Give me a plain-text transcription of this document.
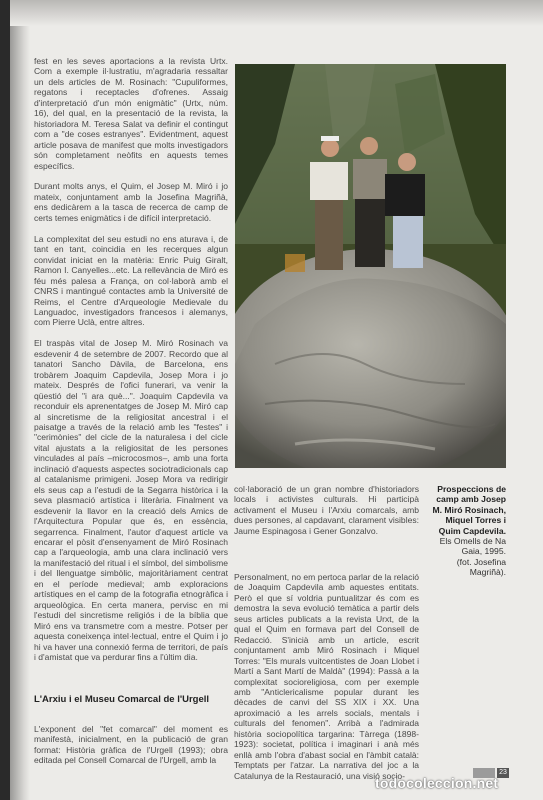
fest en les seves aportacions a la revista Urtx. Com a exemple il·lustratiu, m'agradaria ressaltar un dels articles de M. Rosinach: "Cupuliformes, regatons i receptacles d'ofrenes. Assaig d'interpretació d'un món enigmàtic" (Urtx, núm. 16), del qual, en la presentació de la revista, la historiadora M. Teresa Salat va definir el contingut com a "de coses estranyes". Evidentment, aquest article posava de manifest que molts investigadors són completament neòfits en aquests temes específics.

Durant molts anys, el Quim, el Josep M. Miró i jo mateix, conjuntament amb la Josefina Magriñà, ens dedicàrem a la tasca de recerca de camp de certs temes enigmàtics i de difícil interpretació.

La complexitat del seu estudi no ens aturava i, de tant en tant, coincidia en les recerques algun convidat iniciat en la matèria: Enric Puig Giralt, Ramon I. Canyelles...etc. La rellevància de Miró es féu més palesa a França, on col·laborà amb el CNRS i mantingué contactes amb la Université de Reims, el Centre d'Arqueologie Medievale du Languadoc, investigadors francesos i alemanys, com Pierre Uclà, entre altres.

El traspàs vital de Josep M. Miró Rosinach va esdevenir 4 de setembre de 2007. Recordo que al tanatori Sancho Dàvila, de Barcelona, ens trobàrem Joaquim Capdevila, Josep Mora i jo mateix. Després de l'ofici funerari, va venir la qüestió del "i ara què...". Joaquim Capdevila va reconduir els aprenentatges de Josep M. Miró cap al sincretisme de la religiositat ancestral i el paisatge a través de la relació amb les "festes" i "cerimònies" del cicle de la naturalesa i del cicle vital ajustats a la religiositat de les persones vinculades al país –microcosmos–, amb una forta inclinació d'aquests aspectes sociotradicionals cap al catalanisme primigeni. Josep Mora va redirigir els seus cap a l'estudi de la Segarra històrica i la seva plasmació artística i literària. Finalment va esdevenir la llavor en la creació dels Amics de l'Arquitectura Popular que és, en essència, segarrenca. Finalment, l'autor d'aquest article va encarar el pòsit d'ensenyament de Miró Rosinach cap a l'arqueologia, amb una clara inclinació vers la manifestació del ritual i el símbol, del simbolisme i del llenguatge simbòlic, majoritàriament centrat en el període medieval; amb exploracions artístiques en el camp de la fotografia etnogràfica i arqueològica. En certa manera, pervisc en mi l'estudi del sincretisme religiós i de la bíblia que Miró ens va transmetre com a mestre. Potser per aquesta coneixença intel·lectual, entre el Quim i jo hi va haver una connexió ferma de territori, de país i d'amistat que va perdurar fins a l'últim dia.

L'Arxiu i el Museu Comarcal de l'Urgell

L'exponent del "fet comarcal" del moment es manifestà, inicialment, en la publicació de gran format: Història gràfica de l'Urgell (1993); obra editada pel Consell Comarcal de l'Urgell, amb la

Prospeccions de camp amb Josep M. Miró Rosinach, Miquel Torres i Quim Capdevila.
Els Omells de Na Gaia, 1995.
(fot. Josefina Magriñà).

col·laboració de un gran nombre d'historiadors locals i activistes culturals. Hi participà activament el Museu i l'Arxiu comarcals, amb dues persones, al capdavant, clarament visibles: Jaume Espinagosa i Gener Gonzalvo.

Personalment, no em pertoca parlar de la relació de Joaquim Capdevila amb aquestes entitats. Però el que sí voldria puntualitzar és com es demostra la seva evolució temàtica a partir dels seus articles publicats a la revista Urxt, de la qual el Quim en formava part del Consell de Redacció. S'inicià amb un article, escrit conjuntament amb Miró Rosinach i Miquel Torres: "Els murals vuitcentistes de Joan Llobet i Martí a Sant Martí de Maldà" (1994): Passà a la complexitat socioreligiosa, com per exemple amb "Anticlericalisme popular durant les dècades de canvi del SS XIX i XX. Una aproximació a les arrels socials, mentals i culturals del fenomen". Arribà a l'admirada història sociopolítica targarina: Tàrrega (1898-1923): societat, política i imaginari i anà més enllà amb l'obra d'abast social en l'àmbit català: Temptats per l'atzar. La narrativa del joc a la Catalunya de la Restauració, una visió socio-	23
todocoleccion.net
